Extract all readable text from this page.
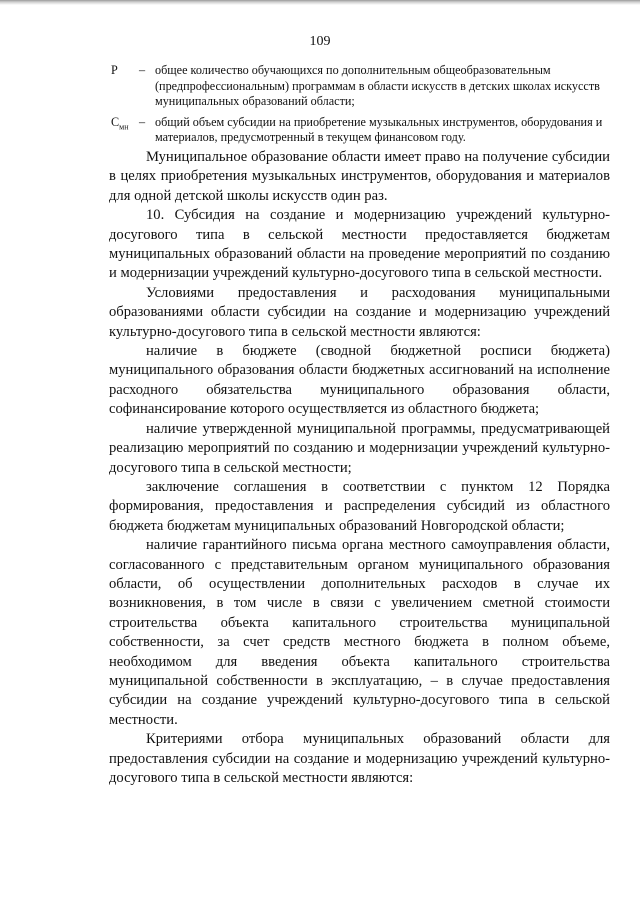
109
P – общее количество обучающихся по дополнительным общеобразовательным (предпрофессиональным) программам в области искусств в детских школах искусств муниципальных образований области;
$C_{мн}$ – общий объем субсидии на приобретение музыкальных инструментов, оборудования и материалов, предусмотренный в текущем финансовом году.

Муниципальное образование области имеет право на получение субсидии в целях приобретения музыкальных инструментов, оборудования и материалов для одной детской школы искусств один раз.

10. Субсидия на создание и модернизацию учреждений культурно-досугового типа в сельской местности предоставляется бюджетам муниципальных образований области на проведение мероприятий по созданию и модернизации учреждений культурно-досугового типа в сельской местности.

Условиями предоставления и расходования муниципальными образованиями области субсидии на создание и модернизацию учреждений культурно-досугового типа в сельской местности являются:

наличие в бюджете (сводной бюджетной росписи бюджета) муниципального образования области бюджетных ассигнований на исполнение расходного обязательства муниципального образования области, софинансирование которого осуществляется из областного бюджета;

наличие утвержденной муниципальной программы, предусматривающей реализацию мероприятий по созданию и модернизации учреждений культурно-досугового типа в сельской местности;

заключение соглашения в соответствии с пунктом 12 Порядка формирования, предоставления и распределения субсидий из областного бюджета бюджетам муниципальных образований Новгородской области;

наличие гарантийного письма органа местного самоуправления области, согласованного с представительным органом муниципального образования области, об осуществлении дополнительных расходов в случае их возникновения, в том числе в связи с увеличением сметной стоимости строительства объекта капитального строительства муниципальной собственности, за счет средств местного бюджета в полном объеме, необходимом для введения объекта капитального строительства муниципальной собственности в эксплуатацию, – в случае предоставления субсидии на создание учреждений культурно-досугового типа в сельской местности.

Критериями отбора муниципальных образований области для предоставления субсидии на создание и модернизацию учреждений культурно-досугового типа в сельской местности являются:
